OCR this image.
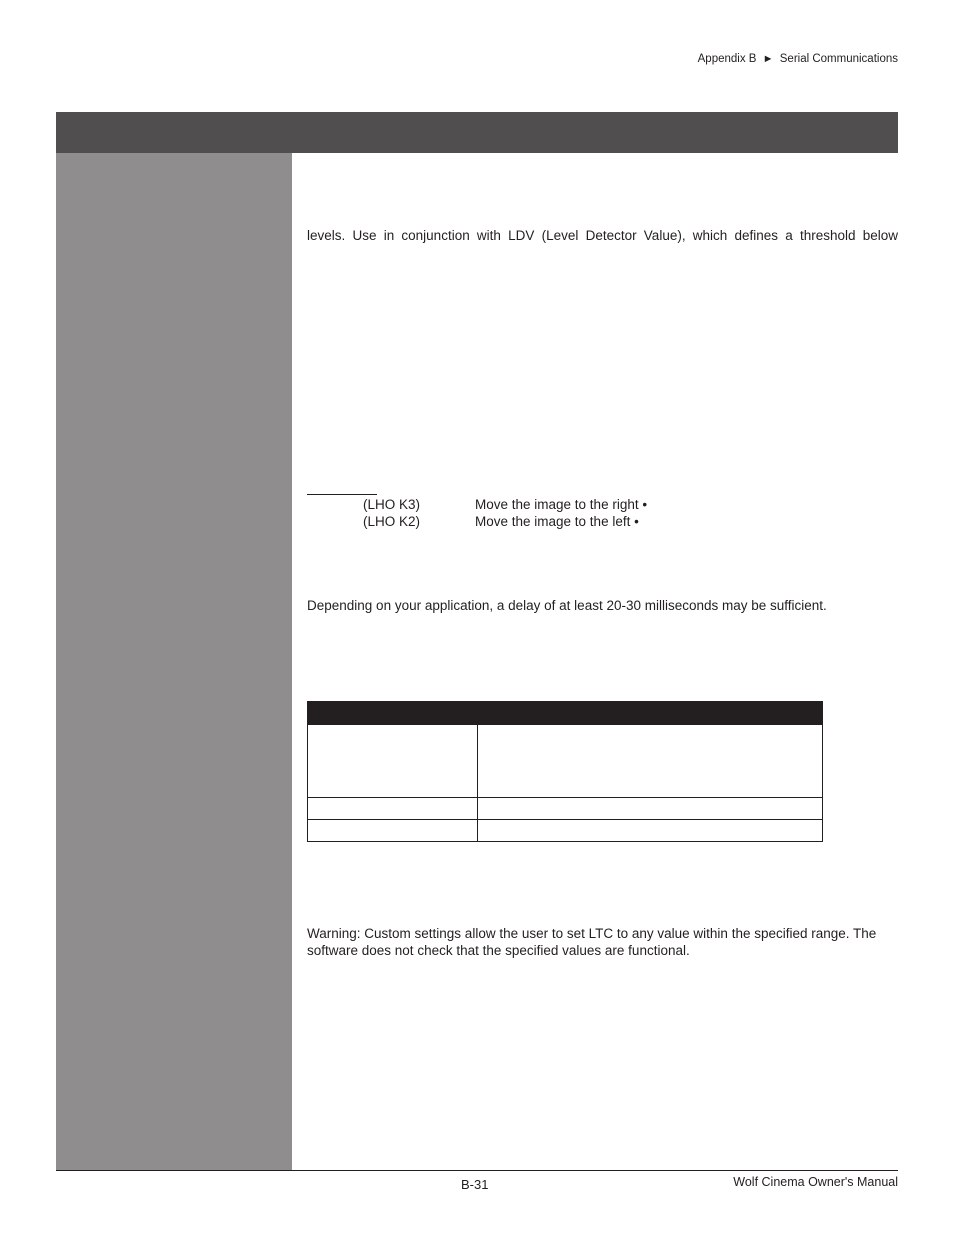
Appendix B ► Serial Communications
levels. Use in conjunction with LDV (Level Detector Value), which defines a threshold below
(LHO K3)	Move the image to the right •
(LHO K2)	Move the image to the left •
Depending on your application, a delay of at least 20-30 milliseconds may be sufficient.

Warning: Custom settings allow the user to set LTC to any value within the specified range. The software does not check that the specified values are functional.
B-31	Wolf Cinema Owner's Manual
